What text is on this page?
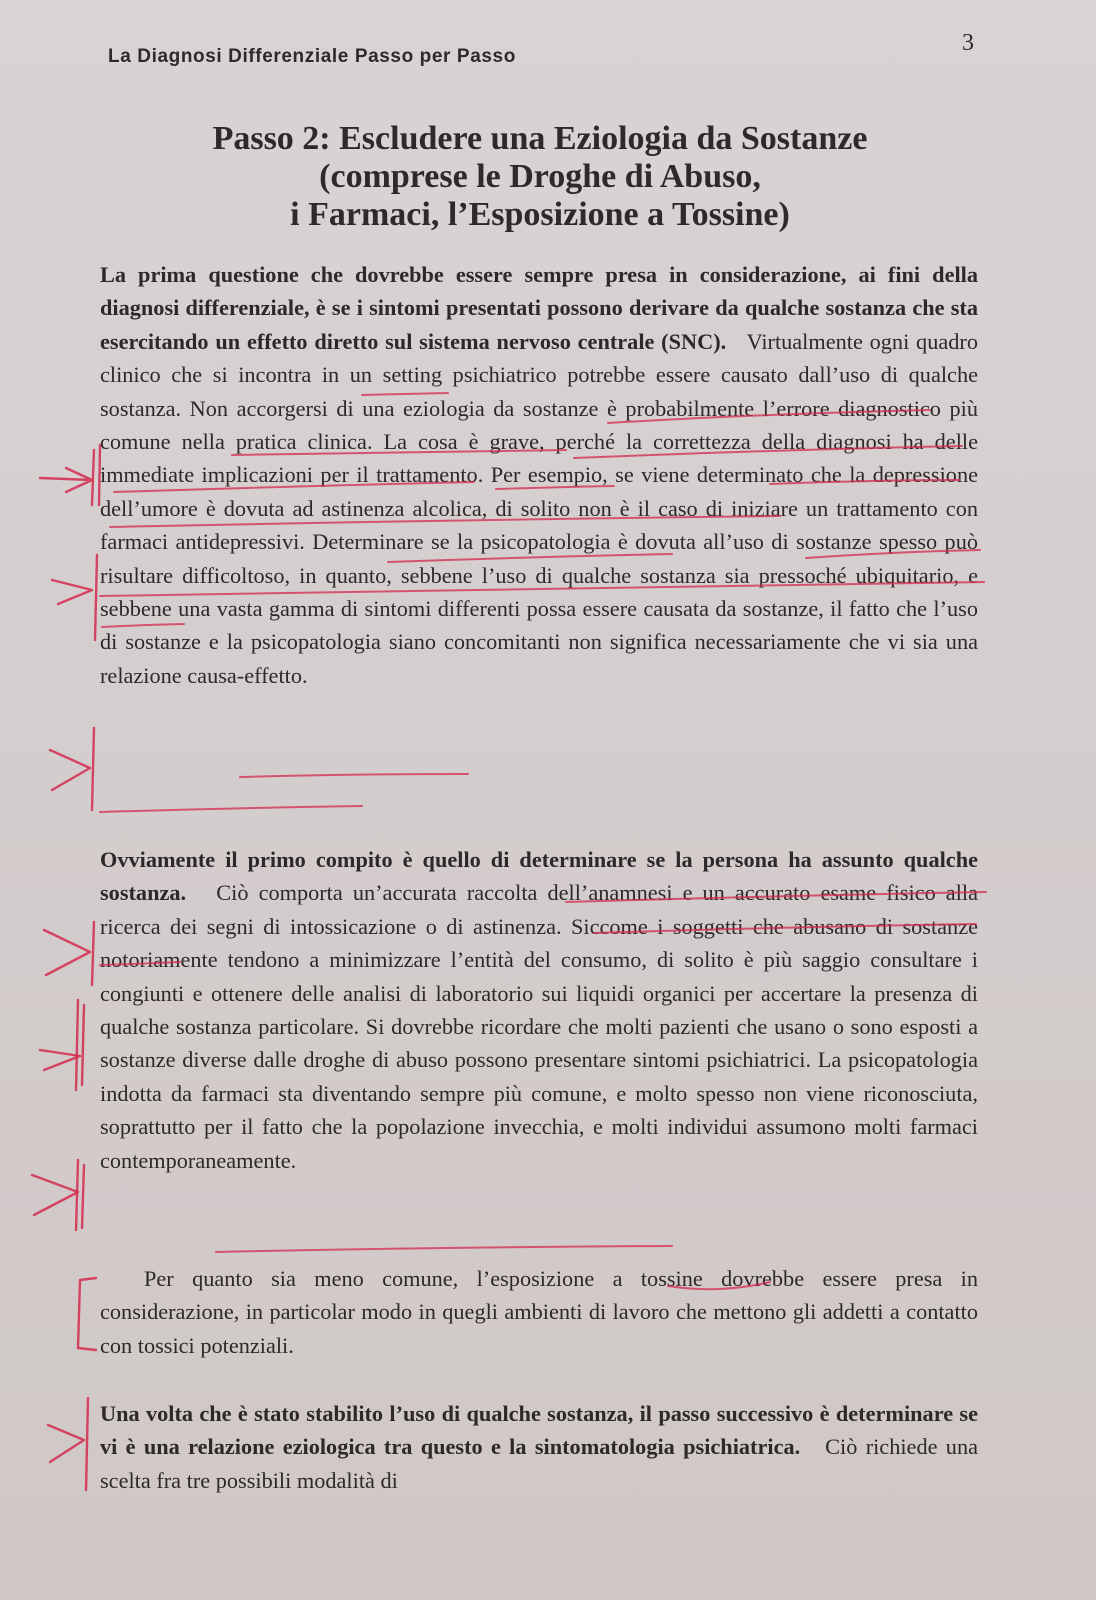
La Diagnosi Differenziale Passo per Passo
3
Passo 2: Escludere una Eziologia da Sostanze
(comprese le Droghe di Abuso,
i Farmaci, l’Esposizione a Tossine)

La prima questione che dovrebbe essere sempre presa in considerazione, ai fini della diagnosi differenziale, è se i sintomi presentati possono derivare da qualche sostanza che sta esercitando un effetto diretto sul sistema nervoso centrale (SNC). Virtualmente ogni quadro clinico che si incontra in un setting psichiatrico potrebbe essere causato dall’uso di qualche sostanza. Non accorgersi di una eziologia da sostanze è probabilmente l’errore diagnostico più comune nella pratica clinica. La cosa è grave, perché la correttezza della diagnosi ha delle immediate implicazioni per il trattamento. Per esempio, se viene determinato che la depressione dell’umore è dovuta ad astinenza alcolica, di solito non è il caso di iniziare un trattamento con farmaci antidepressivi. Determinare se la psicopatologia è dovuta all’uso di sostanze spesso può risultare difficoltoso, in quanto, sebbene l’uso di qualche sostanza sia pressoché ubiquitario, e sebbene una vasta gamma di sintomi differenti possa essere causata da sostanze, il fatto che l’uso di sostanze e la psicopatologia siano concomitanti non significa necessariamente che vi sia una relazione causa-effetto.

Ovviamente il primo compito è quello di determinare se la persona ha assunto qualche sostanza. Ciò comporta un’accurata raccolta dell’anamnesi e un accurato esame fisico alla ricerca dei segni di intossicazione o di astinenza. Siccome i soggetti che abusano di sostanze notoriamente tendono a minimizzare l’entità del consumo, di solito è più saggio consultare i congiunti e ottenere delle analisi di laboratorio sui liquidi organici per accertare la presenza di qualche sostanza particolare. Si dovrebbe ricordare che molti pazienti che usano o sono esposti a sostanze diverse dalle droghe di abuso possono presentare sintomi psichiatrici. La psicopatologia indotta da farmaci sta diventando sempre più comune, e molto spesso non viene riconosciuta, soprattutto per il fatto che la popolazione invecchia, e molti individui assumono molti farmaci contemporaneamente.

Per quanto sia meno comune, l’esposizione a tossine dovrebbe essere presa in considerazione, in particolar modo in quegli ambienti di lavoro che mettono gli addetti a contatto con tossici potenziali.

Una volta che è stato stabilito l’uso di qualche sostanza, il passo successivo è determinare se vi è una relazione eziologica tra questo e la sintomatologia psichiatrica. Ciò richiede una scelta fra tre possibili modalità di
